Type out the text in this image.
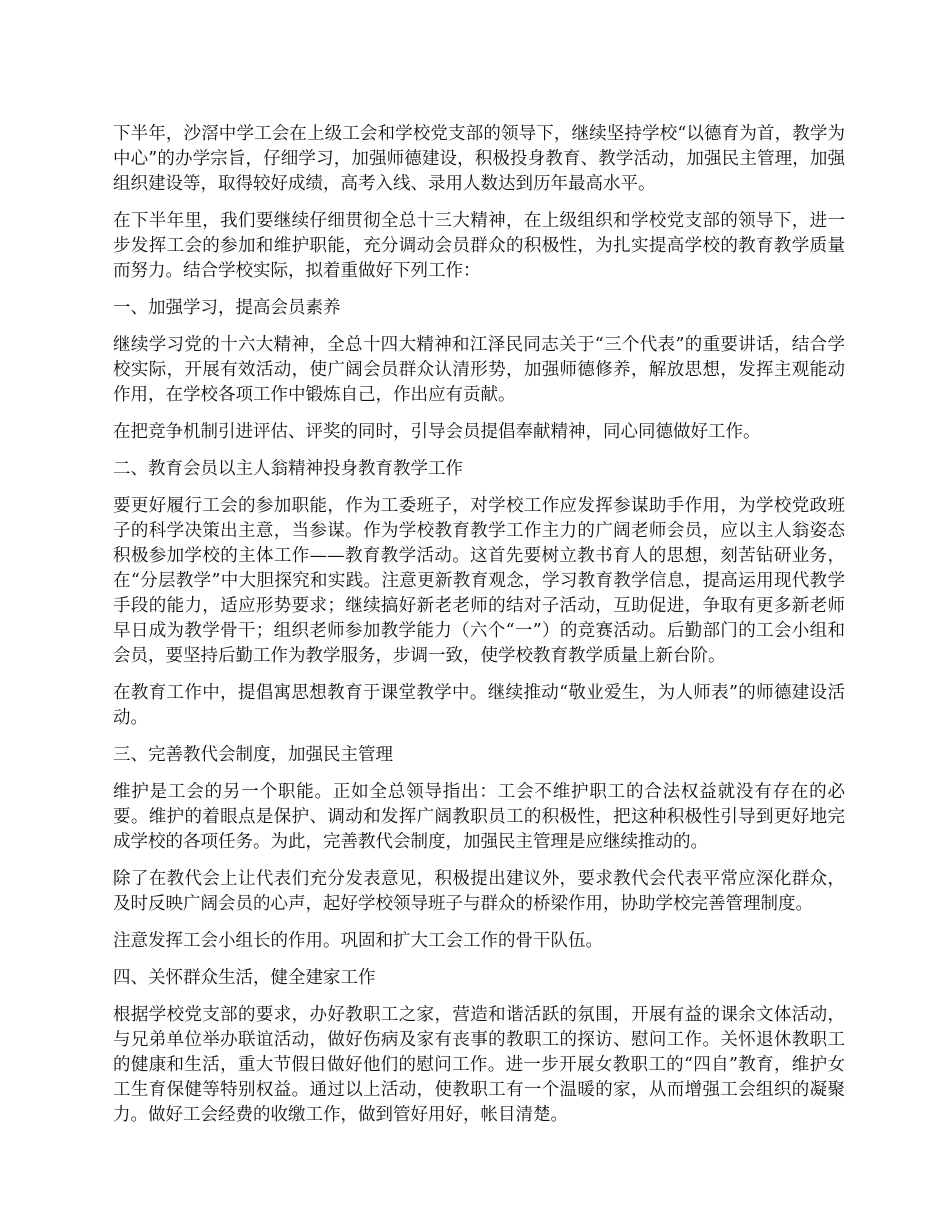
下半年，沙滘中学工会在上级工会和学校党支部的领导下，继续坚持学校“以德育为首，教学为中心”的办学宗旨，仔细学习，加强师德建设，积极投身教育、教学活动，加强民主管理，加强组织建设等，取得较好成绩，高考入线、录用人数达到历年最高水平。

在下半年里，我们要继续仔细贯彻全总十三大精神，在上级组织和学校党支部的领导下，进一步发挥工会的参加和维护职能，充分调动会员群众的积极性，为扎实提高学校的教育教学质量而努力。结合学校实际，拟着重做好下列工作：

一、加强学习，提高会员素养

继续学习党的十六大精神，全总十四大精神和江泽民同志关于“三个代表”的重要讲话，结合学校实际，开展有效活动，使广阔会员群众认清形势，加强师德修养，解放思想，发挥主观能动作用，在学校各项工作中锻炼自己，作出应有贡献。

在把竞争机制引进评估、评奖的同时，引导会员提倡奉献精神，同心同德做好工作。

二、教育会员以主人翁精神投身教育教学工作

要更好履行工会的参加职能，作为工委班子，对学校工作应发挥参谋助手作用，为学校党政班子的科学决策出主意，当参谋。作为学校教育教学工作主力的广阔老师会员，应以主人翁姿态积极参加学校的主体工作——教育教学活动。这首先要树立教书育人的思想，刻苦钻研业务，在“分层教学”中大胆探究和实践。注意更新教育观念，学习教育教学信息，提高运用现代教学手段的能力，适应形势要求；继续搞好新老老师的结对子活动，互助促进，争取有更多新老师早日成为教学骨干；组织老师参加教学能力（六个“一”）的竞赛活动。后勤部门的工会小组和会员，要坚持后勤工作为教学服务，步调一致，使学校教育教学质量上新台阶。

在教育工作中，提倡寓思想教育于课堂教学中。继续推动“敬业爱生，为人师表”的师德建设活动。

三、完善教代会制度，加强民主管理

维护是工会的另一个职能。正如全总领导指出：工会不维护职工的合法权益就没有存在的必要。维护的着眼点是保护、调动和发挥广阔教职员工的积极性，把这种积极性引导到更好地完成学校的各项任务。为此，完善教代会制度，加强民主管理是应继续推动的。

除了在教代会上让代表们充分发表意见，积极提出建议外，要求教代会代表平常应深化群众，及时反映广阔会员的心声，起好学校领导班子与群众的桥梁作用，协助学校完善管理制度。

注意发挥工会小组长的作用。巩固和扩大工会工作的骨干队伍。

四、关怀群众生活，健全建家工作

根据学校党支部的要求，办好教职工之家，营造和谐活跃的氛围，开展有益的课余文体活动，与兄弟单位举办联谊活动，做好伤病及家有丧事的教职工的探访、慰问工作。关怀退休教职工的健康和生活，重大节假日做好他们的慰问工作。进一步开展女教职工的“四自”教育，维护女工生育保健等特别权益。通过以上活动，使教职工有一个温暖的家，从而增强工会组织的凝聚力。做好工会经费的收缴工作，做到管好用好，帐目清楚。
